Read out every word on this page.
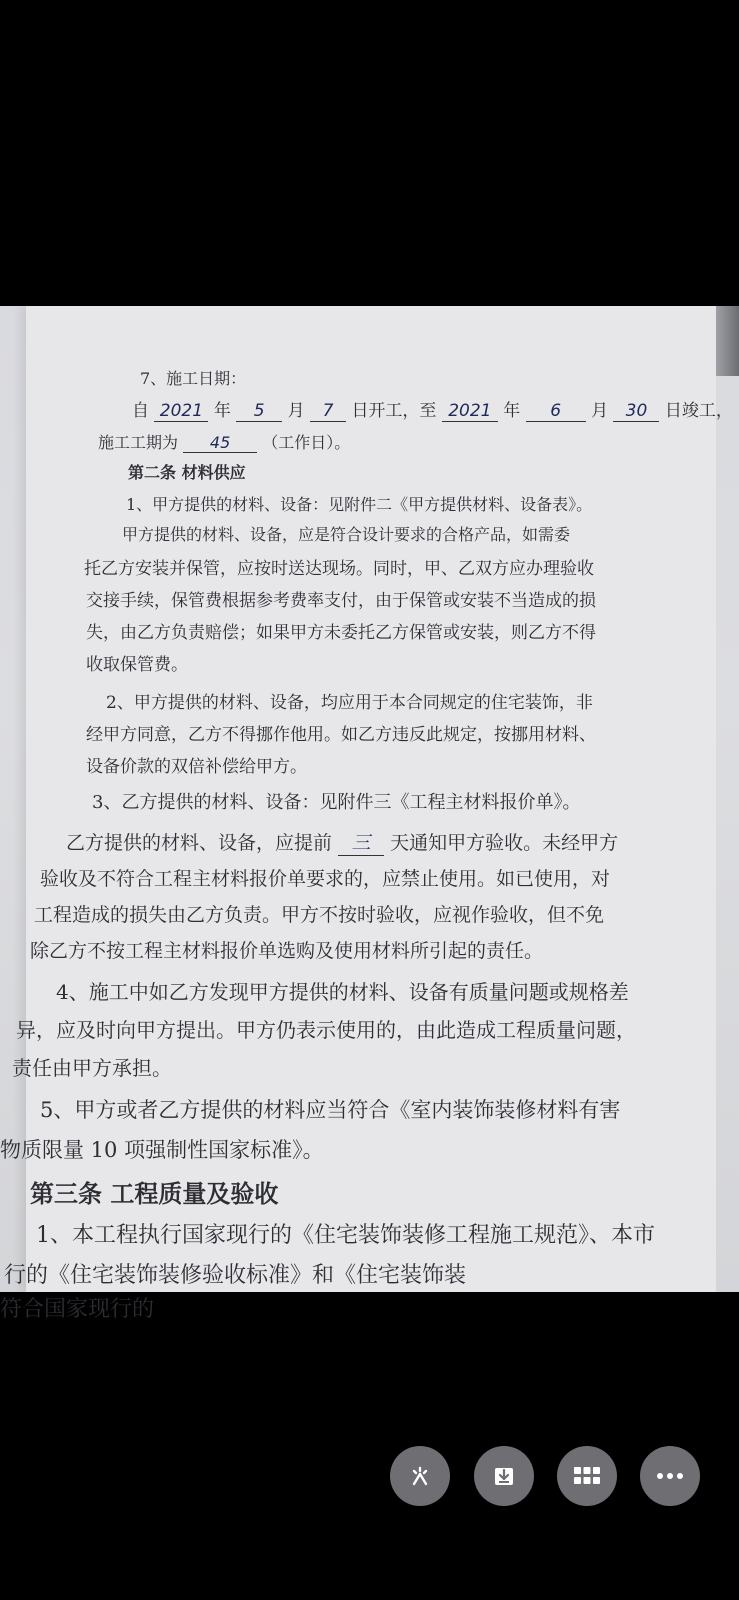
7、施工日期：
自 2021 年 5 月 7 日开工，至 2021 年 6 月 30 日竣工，
施工工期为 45 （工作日）。
第二条 材料供应
1、甲方提供的材料、设备：见附件二《甲方提供材料、设备表》。
甲方提供的材料、设备，应是符合设计要求的合格产品，如需委
托乙方安装并保管，应按时送达现场。同时，甲、乙双方应办理验收
交接手续，保管费根据参考费率支付，由于保管或安装不当造成的损
失，由乙方负责赔偿；如果甲方未委托乙方保管或安装，则乙方不得
收取保管费。
2、甲方提供的材料、设备，均应用于本合同规定的住宅装饰，非
经甲方同意，乙方不得挪作他用。如乙方违反此规定，按挪用材料、
设备价款的双倍补偿给甲方。
3、乙方提供的材料、设备：见附件三《工程主材料报价单》。
乙方提供的材料、设备，应提前 三 天通知甲方验收。未经甲方
验收及不符合工程主材料报价单要求的，应禁止使用。如已使用，对
工程造成的损失由乙方负责。甲方不按时验收，应视作验收，但不免
除乙方不按工程主材料报价单选购及使用材料所引起的责任。
4、施工中如乙方发现甲方提供的材料、设备有质量问题或规格差
异，应及时向甲方提出。甲方仍表示使用的，由此造成工程质量问题，
责任由甲方承担。
5、甲方或者乙方提供的材料应当符合《室内装饰装修材料有害
物质限量 10 项强制性国家标准》。
第三条 工程质量及验收
1、本工程执行国家现行的《住宅装饰装修工程施工规范》、本市
行的《住宅装饰装修验收标准》和《住宅装饰装
符合国家现行的
